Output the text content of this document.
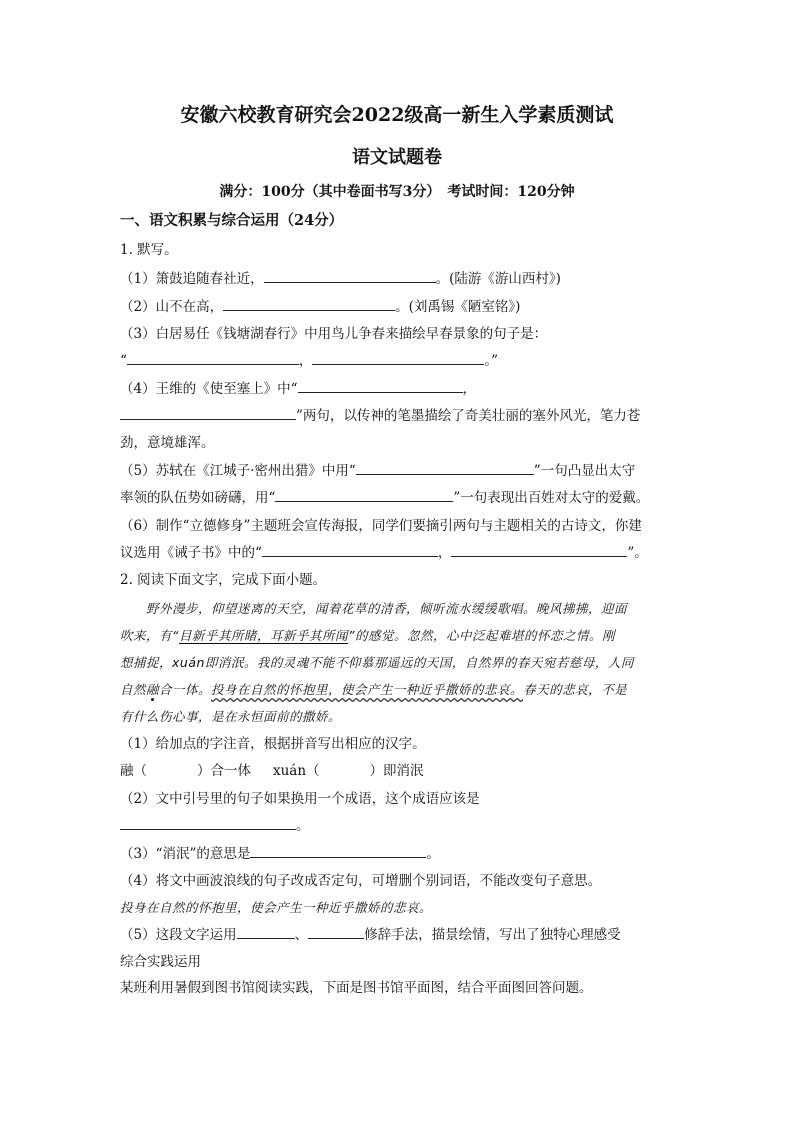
安徽六校教育研究会2022级高一新生入学素质测试
语文试题卷
满分：100分（其中卷面书写3分）　考试时间：120分钟
一、语文积累与综合运用（24分）
1. 默写。
（1）箫鼓追随春社近，	。(陆游《游山西村》)
（2）山不在高，	。(刘禹锡《陋室铭》)
（3）白居易任《钱塘湖春行》中用鸟儿争春来描绘早春景象的句子是：
“	，	。”
（4）王维的《使至塞上》中“	，
”两句，以传神的笔墨描绘了奇美壮丽的塞外风光，笔力苍
劲，意境雄浑。
（5）苏轼在《江城子·密州出猎》中用“	”一句凸显出太守
率领的队伍势如磅礴，用“	”一句表现出百姓对太守的爱戴。
（6）制作“立德修身”主题班会宣传海报，同学们要摘引两句与主题相关的古诗文，你建
议选用《诫子书》中的“	，	”。
2. 阅读下面文字，完成下面小题。
野外漫步，仰望迷离的天空，闻着花草的清香，倾听流水缓缓歌唱。晚风拂拂，迎面
吹来，有“目新乎其所睹，耳新乎其所闻”的感觉。忽然，心中泛起难堪的怀恋之情。刚
想捕捉，xuán即消泯。我的灵魂不能不仰慕那遥远的天国，自然界的春天宛若慈母，人同
自然融合一体。投身在自然的怀抱里，使会产生一种近乎撒娇的悲哀。春天的悲哀，不是
有什么伤心事，是在永恒面前的撒娇。
（1）给加点的字注音，根据拼音写出相应的汉字。
融（	）合一体 xuán（	）即消泯
（2）文中引号里的句子如果换用一个成语，这个成语应该是
。
（3）“消泯”的意思是	。
（4）将文中画波浪线的句子改成否定句，可增删个别词语，不能改变句子意思。
投身在自然的怀抱里，使会产生一种近乎撒娇的悲哀。
（5）这段文字运用	、	修辞手法，描景绘情，写出了独特心理感受
综合实践运用
某班利用暑假到图书馆阅读实践，下面是图书馆平面图，结合平面图回答问题。
